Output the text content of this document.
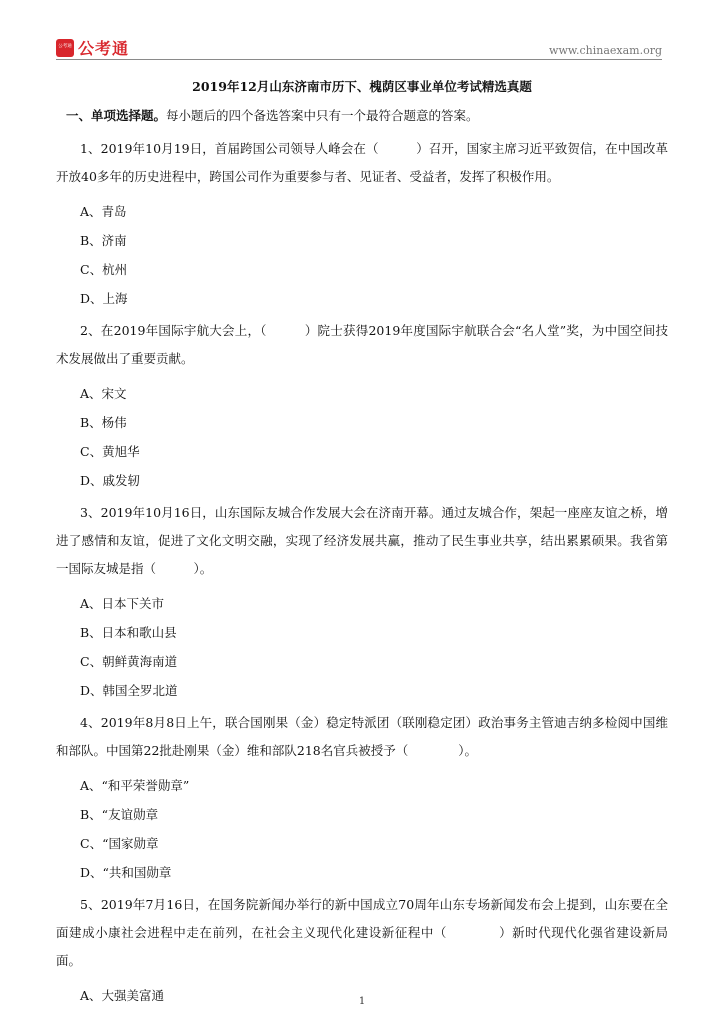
公考通 公考通	www.chinaexam.org
2019年12月山东济南市历下、槐荫区事业单位考试精选真题
一、单项选择题。每小题后的四个备选答案中只有一个最符合题意的答案。

1、2019年10月19日，首届跨国公司领导人峰会在（　　　）召开，国家主席习近平致贺信，在中国改革开放40多年的历史进程中，跨国公司作为重要参与者、见证者、受益者，发挥了积极作用。

A、青岛
B、济南
C、杭州
D、上海

2、在2019年国际宇航大会上，（　　　）院士获得2019年度国际宇航联合会“名人堂”奖，为中国空间技术发展做出了重要贡献。

A、宋文
B、杨伟
C、黄旭华
D、戚发轫

3、2019年10月16日，山东国际友城合作发展大会在济南开幕。通过友城合作，架起一座座友谊之桥，增进了感情和友谊，促进了文化文明交融，实现了经济发展共赢，推动了民生事业共享，结出累累硕果。我省第一国际友城是指（　　　）。

A、日本下关市
B、日本和歌山县
C、朝鲜黄海南道
D、韩国全罗北道

4、2019年8月8日上午，联合国刚果（金）稳定特派团（联刚稳定团）政治事务主管迪吉纳多检阅中国维和部队。中国第22批赴刚果（金）维和部队218名官兵被授予（　　　　）。

A、“和平荣誉勋章”
B、“友谊勋章
C、“国家勋章
D、“共和国勋章

5、2019年7月16日，在国务院新闻办举行的新中国成立70周年山东专场新闻发布会上提到，山东要在全面建成小康社会进程中走在前列，在社会主义现代化建设新征程中（　　　　）新时代现代化强省建设新局面。

A、大强美富通	1
